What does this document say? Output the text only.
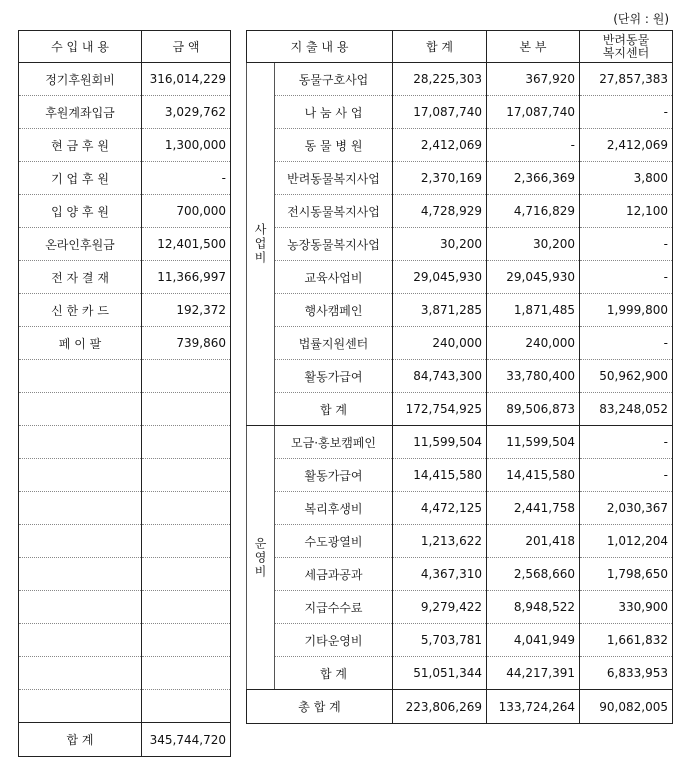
(단위 : 원)
수 입 내 용	금 액
정기후원회비	316,014,229
후원계좌입금	3,029,762
현 금 후 원	1,300,000
기 업 후 원	-
입 양 후 원	700,000
온라인후원금	12,401,500
전 자 결 재	11,366,997
신 한 카 드	192,372
페 이 팔	739,860

합 계	345,744,720
지 출 내 용		합 계	본 부	반려동물
복지센터

사업비	동물구호사업	28,225,303	367,920	27,857,383
	나 눔 사 업	17,087,740	17,087,740	-
	동 물 병 원	2,412,069	-	2,412,069
	반려동물복지사업	2,370,169	2,366,369	3,800
	전시동물복지사업	4,728,929	4,716,829	12,100
	농장동물복지사업	30,200	30,200	-
	교육사업비	29,045,930	29,045,930	-
	행사캠페인	3,871,285	1,871,485	1,999,800
	법률지원센터	240,000	240,000	-
	활동가급여	84,743,300	33,780,400	50,962,900
	합 계	172,754,925	89,506,873	83,248,052
운영비	모금·홍보캠페인	11,599,504	11,599,504	-
	활동가급여	14,415,580	14,415,580	-
	복리후생비	4,472,125	2,441,758	2,030,367
	수도광열비	1,213,622	201,418	1,012,204
	세금과공과	4,367,310	2,568,660	1,798,650
	지급수수료	9,279,422	8,948,522	330,900
	기타운영비	5,703,781	4,041,949	1,661,832
	합 계	51,051,344	44,217,391	6,833,953
총 합 계		223,806,269	133,724,264	90,082,005
